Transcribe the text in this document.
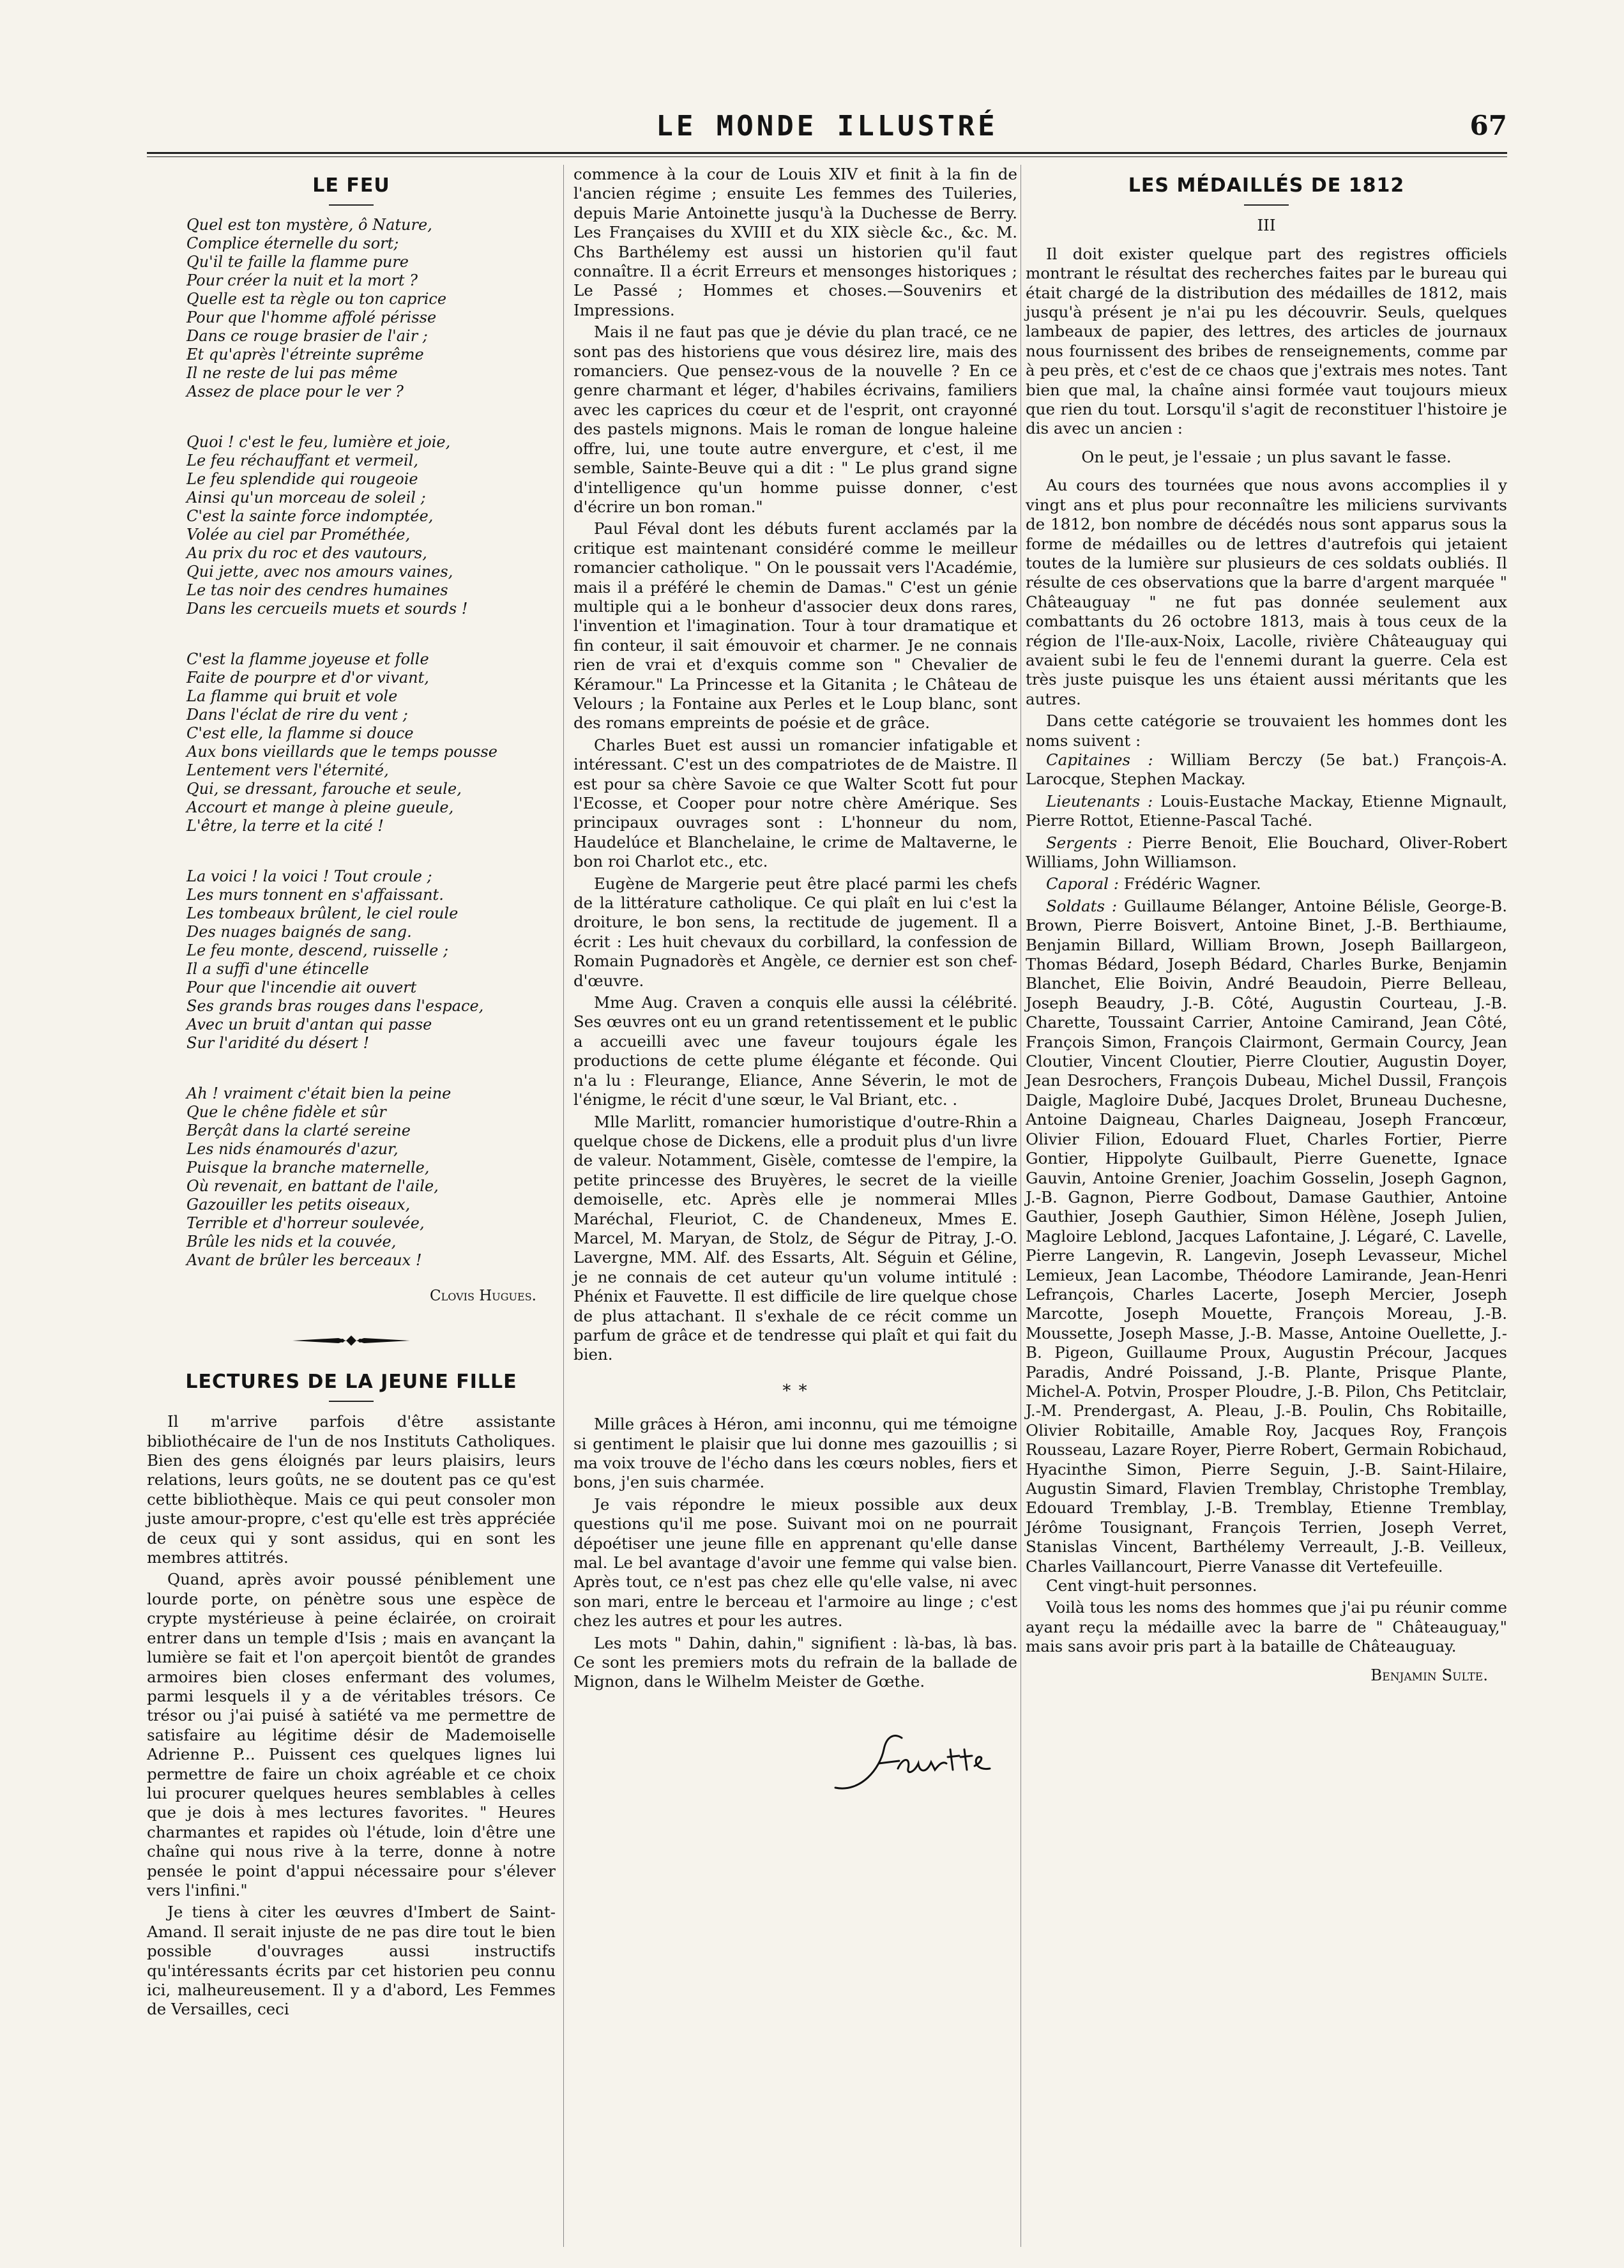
LE MONDE ILLUSTRÉ	67
LE FEU
Quel est ton mystère, ô Nature,
Complice éternelle du sort;
Qu'il te faille la flamme pure
Pour créer la nuit et la mort ?
Quelle est ta règle ou ton caprice
Pour que l'homme affolé périsse
Dans ce rouge brasier de l'air ;
Et qu'après l'étreinte suprême
Il ne reste de lui pas même
Assez de place pour le ver ?
Quoi ! c'est le feu, lumière et joie,
Le feu réchauffant et vermeil,
Le feu splendide qui rougeoie
Ainsi qu'un morceau de soleil ;
C'est la sainte force indomptée,
Volée au ciel par Prométhée,
Au prix du roc et des vautours,
Qui jette, avec nos amours vaines,
Le tas noir des cendres humaines
Dans les cercueils muets et sourds !
C'est la flamme joyeuse et folle
Faite de pourpre et d'or vivant,
La flamme qui bruit et vole
Dans l'éclat de rire du vent ;
C'est elle, la flamme si douce
Aux bons vieillards que le temps pousse
Lentement vers l'éternité,
Qui, se dressant, farouche et seule,
Accourt et mange à pleine gueule,
L'être, la terre et la cité !
La voici ! la voici ! Tout croule ;
Les murs tonnent en s'affaissant.
Les tombeaux brûlent, le ciel roule
Des nuages baignés de sang.
Le feu monte, descend, ruisselle ;
Il a suffi d'une étincelle
Pour que l'incendie ait ouvert
Ses grands bras rouges dans l'espace,
Avec un bruit d'antan qui passe
Sur l'aridité du désert !
Ah ! vraiment c'était bien la peine
Que le chêne fidèle et sûr
Berçât dans la clarté sereine
Les nids énamourés d'azur,
Puisque la branche maternelle,
Où revenait, en battant de l'aile,
Gazouiller les petits oiseaux,
Terrible et d'horreur soulevée,
Brûle les nids et la couvée,
Avant de brûler les berceaux !
Clovis Hugues.
LECTURES DE LA JEUNE FILLE

Il m'arrive parfois d'être assistante bibliothécaire de l'un de nos Instituts Catholiques. Bien des gens éloignés par leurs plaisirs, leurs relations, leurs goûts, ne se doutent pas ce qu'est cette bibliothèque. Mais ce qui peut consoler mon juste amour-propre, c'est qu'elle est très appréciée de ceux qui y sont assidus, qui en sont les membres attitrés.

Quand, après avoir poussé péniblement une lourde porte, on pénètre sous une espèce de crypte mystérieuse à peine éclairée, on croirait entrer dans un temple d'Isis ; mais en avançant la lumière se fait et l'on aperçoit bientôt de grandes armoires bien closes enfermant des volumes, parmi lesquels il y a de véritables trésors. Ce trésor ou j'ai puisé à satiété va me permettre de satisfaire au légitime désir de Mademoiselle Adrienne P... Puissent ces quelques lignes lui permettre de faire un choix agréable et ce choix lui procurer quelques heures semblables à celles que je dois à mes lectures favorites. " Heures charmantes et rapides où l'étude, loin d'être une chaîne qui nous rive à la terre, donne à notre pensée le point d'appui nécessaire pour s'élever vers l'infini."

Je tiens à citer les œuvres d'Imbert de Saint-Amand. Il serait injuste de ne pas dire tout le bien possible d'ouvrages aussi instructifs qu'intéressants écrits par cet historien peu connu ici, malheureusement. Il y a d'abord, Les Femmes de Versailles, ceci

commence à la cour de Louis XIV et finit à la fin de l'ancien régime ; ensuite Les femmes des Tuileries, depuis Marie Antoinette jusqu'à la Duchesse de Berry. Les Françaises du XVIII et du XIX siècle &c., &c. M. Chs Barthélemy est aussi un historien qu'il faut connaître. Il a écrit Erreurs et mensonges historiques ; Le Passé ; Hommes et choses.—Souvenirs et Impressions.

Mais il ne faut pas que je dévie du plan tracé, ce ne sont pas des historiens que vous désirez lire, mais des romanciers. Que pensez-vous de la nouvelle ? En ce genre charmant et léger, d'habiles écrivains, familiers avec les caprices du cœur et de l'esprit, ont crayonné des pastels mignons. Mais le roman de longue haleine offre, lui, une toute autre envergure, et c'est, il me semble, Sainte-Beuve qui a dit : " Le plus grand signe d'intelligence qu'un homme puisse donner, c'est d'écrire un bon roman."

Paul Féval dont les débuts furent acclamés par la critique est maintenant considéré comme le meilleur romancier catholique. " On le poussait vers l'Académie, mais il a préféré le chemin de Damas." C'est un génie multiple qui a le bonheur d'associer deux dons rares, l'invention et l'imagination. Tour à tour dramatique et fin conteur, il sait émouvoir et charmer. Je ne connais rien de vrai et d'exquis comme son " Chevalier de Kéramour." La Princesse et la Gitanita ; le Château de Velours ; la Fontaine aux Perles et le Loup blanc, sont des romans empreints de poésie et de grâce.

Charles Buet est aussi un romancier infatigable et intéressant. C'est un des compatriotes de de Maistre. Il est pour sa chère Savoie ce que Walter Scott fut pour l'Ecosse, et Cooper pour notre chère Amérique. Ses principaux ouvrages sont : L'honneur du nom, Haudelúce et Blanchelaine, le crime de Maltaverne, le bon roi Charlot etc., etc.

Eugène de Margerie peut être placé parmi les chefs de la littérature catholique. Ce qui plaît en lui c'est la droiture, le bon sens, la rectitude de jugement. Il a écrit : Les huit chevaux du corbillard, la confession de Romain Pugnadorès et Angèle, ce dernier est son chef-d'œuvre.

Mme Aug. Craven a conquis elle aussi la célébrité. Ses œuvres ont eu un grand retentissement et le public a accueilli avec une faveur toujours égale les productions de cette plume élégante et féconde. Qui n'a lu : Fleurange, Eliance, Anne Séverin, le mot de l'énigme, le récit d'une sœur, le Val Briant, etc. .

Mlle Marlitt, romancier humoristique d'outre-Rhin a quelque chose de Dickens, elle a produit plus d'un livre de valeur. Notamment, Gisèle, comtesse de l'empire, la petite princesse des Bruyères, le secret de la vieille demoiselle, etc. Après elle je nommerai Mlles Maréchal, Fleuriot, C. de Chandeneux, Mmes E. Marcel, M. Maryan, de Stolz, de Ségur de Pitray, J.-O. Lavergne, MM. Alf. des Essarts, Alt. Séguin et Géline, je ne connais de cet auteur qu'un volume intitulé : Phénix et Fauvette. Il est difficile de lire quelque chose de plus attachant. Il s'exhale de ce récit comme un parfum de grâce et de tendresse qui plaît et qui fait du bien.

* *

Mille grâces à Héron, ami inconnu, qui me témoigne si gentiment le plaisir que lui donne mes gazouillis ; si ma voix trouve de l'écho dans les cœurs nobles, fiers et bons, j'en suis charmée.

Je vais répondre le mieux possible aux deux questions qu'il me pose. Suivant moi on ne pourrait dépoétiser une jeune fille en apprenant qu'elle danse mal. Le bel avantage d'avoir une femme qui valse bien. Après tout, ce n'est pas chez elle qu'elle valse, ni avec son mari, entre le berceau et l'armoire au linge ; c'est chez les autres et pour les autres.

Les mots " Dahin, dahin," signifient : là-bas, là bas. Ce sont les premiers mots du refrain de la ballade de Mignon, dans le Wilhelm Meister de Gœthe.

LES MÉDAILLÉS DE 1812
III

Il doit exister quelque part des registres officiels montrant le résultat des recherches faites par le bureau qui était chargé de la distribution des médailles de 1812, mais jusqu'à présent je n'ai pu les découvrir. Seuls, quelques lambeaux de papier, des lettres, des articles de journaux nous fournissent des bribes de renseignements, comme par à peu près, et c'est de ce chaos que j'extrais mes notes. Tant bien que mal, la chaîne ainsi formée vaut toujours mieux que rien du tout. Lorsqu'il s'agit de reconstituer l'histoire je dis avec un ancien :

On le peut, je l'essaie ; un plus savant le fasse.

Au cours des tournées que nous avons accomplies il y vingt ans et plus pour reconnaître les miliciens survivants de 1812, bon nombre de décédés nous sont apparus sous la forme de médailles ou de lettres d'autrefois qui jetaient toutes de la lumière sur plusieurs de ces soldats oubliés. Il résulte de ces observations que la barre d'argent marquée " Châteauguay " ne fut pas donnée seulement aux combattants du 26 octobre 1813, mais à tous ceux de la région de l'Ile-aux-Noix, Lacolle, rivière Châteauguay qui avaient subi le feu de l'ennemi durant la guerre. Cela est très juste puisque les uns étaient aussi méritants que les autres.

Dans cette catégorie se trouvaient les hommes dont les noms suivent :

Capitaines : William Berczy (5e bat.) François-A. Larocque, Stephen Mackay.

Lieutenants : Louis-Eustache Mackay, Etienne Mignault, Pierre Rottot, Etienne-Pascal Taché.

Sergents : Pierre Benoit, Elie Bouchard, Oliver-Robert Williams, John Williamson.

Caporal : Frédéric Wagner.

Soldats : Guillaume Bélanger, Antoine Bélisle, George-B. Brown, Pierre Boisvert, Antoine Binet, J.-B. Berthiaume, Benjamin Billard, William Brown, Joseph Baillargeon, Thomas Bédard, Joseph Bédard, Charles Burke, Benjamin Blanchet, Elie Boivin, André Beaudoin, Pierre Belleau, Joseph Beaudry, J.-B. Côté, Augustin Courteau, J.-B. Charette, Toussaint Carrier, Antoine Camirand, Jean Côté, François Simon, François Clairmont, Germain Courcy, Jean Cloutier, Vincent Cloutier, Pierre Cloutier, Augustin Doyer, Jean Desrochers, François Dubeau, Michel Dussil, François Daigle, Magloire Dubé, Jacques Drolet, Bruneau Duchesne, Antoine Daigneau, Charles Daigneau, Joseph Francœur, Olivier Filion, Edouard Fluet, Charles Fortier, Pierre Gontier, Hippolyte Guilbault, Pierre Guenette, Ignace Gauvin, Antoine Grenier, Joachim Gosselin, Joseph Gagnon, J.-B. Gagnon, Pierre Godbout, Damase Gauthier, Antoine Gauthier, Joseph Gauthier, Simon Hélène, Joseph Julien, Magloire Leblond, Jacques Lafontaine, J. Légaré, C. Lavelle, Pierre Langevin, R. Langevin, Joseph Levasseur, Michel Lemieux, Jean Lacombe, Théodore Lamirande, Jean-Henri Lefrançois, Charles Lacerte, Joseph Mercier, Joseph Marcotte, Joseph Mouette, François Moreau, J.-B. Moussette, Joseph Masse, J.-B. Masse, Antoine Ouellette, J.-B. Pigeon, Guillaume Proux, Augustin Précour, Jacques Paradis, André Poissand, J.-B. Plante, Prisque Plante, Michel-A. Potvin, Prosper Ploudre, J.-B. Pilon, Chs Petitclair, J.-M. Prendergast, A. Pleau, J.-B. Poulin, Chs Robitaille, Olivier Robitaille, Amable Roy, Jacques Roy, François Rousseau, Lazare Royer, Pierre Robert, Germain Robichaud, Hyacinthe Simon, Pierre Seguin, J.-B. Saint-Hilaire, Augustin Simard, Flavien Tremblay, Christophe Tremblay, Edouard Tremblay, J.-B. Tremblay, Etienne Tremblay, Jérôme Tousignant, François Terrien, Joseph Verret, Stanislas Vincent, Barthélemy Verreault, J.-B. Veilleux, Charles Vaillancourt, Pierre Vanasse dit Vertefeuille.

Cent vingt-huit personnes.

Voilà tous les noms des hommes que j'ai pu réunir comme ayant reçu la médaille avec la barre de " Châteauguay," mais sans avoir pris part à la bataille de Châteauguay.

Benjamin Sulte.
